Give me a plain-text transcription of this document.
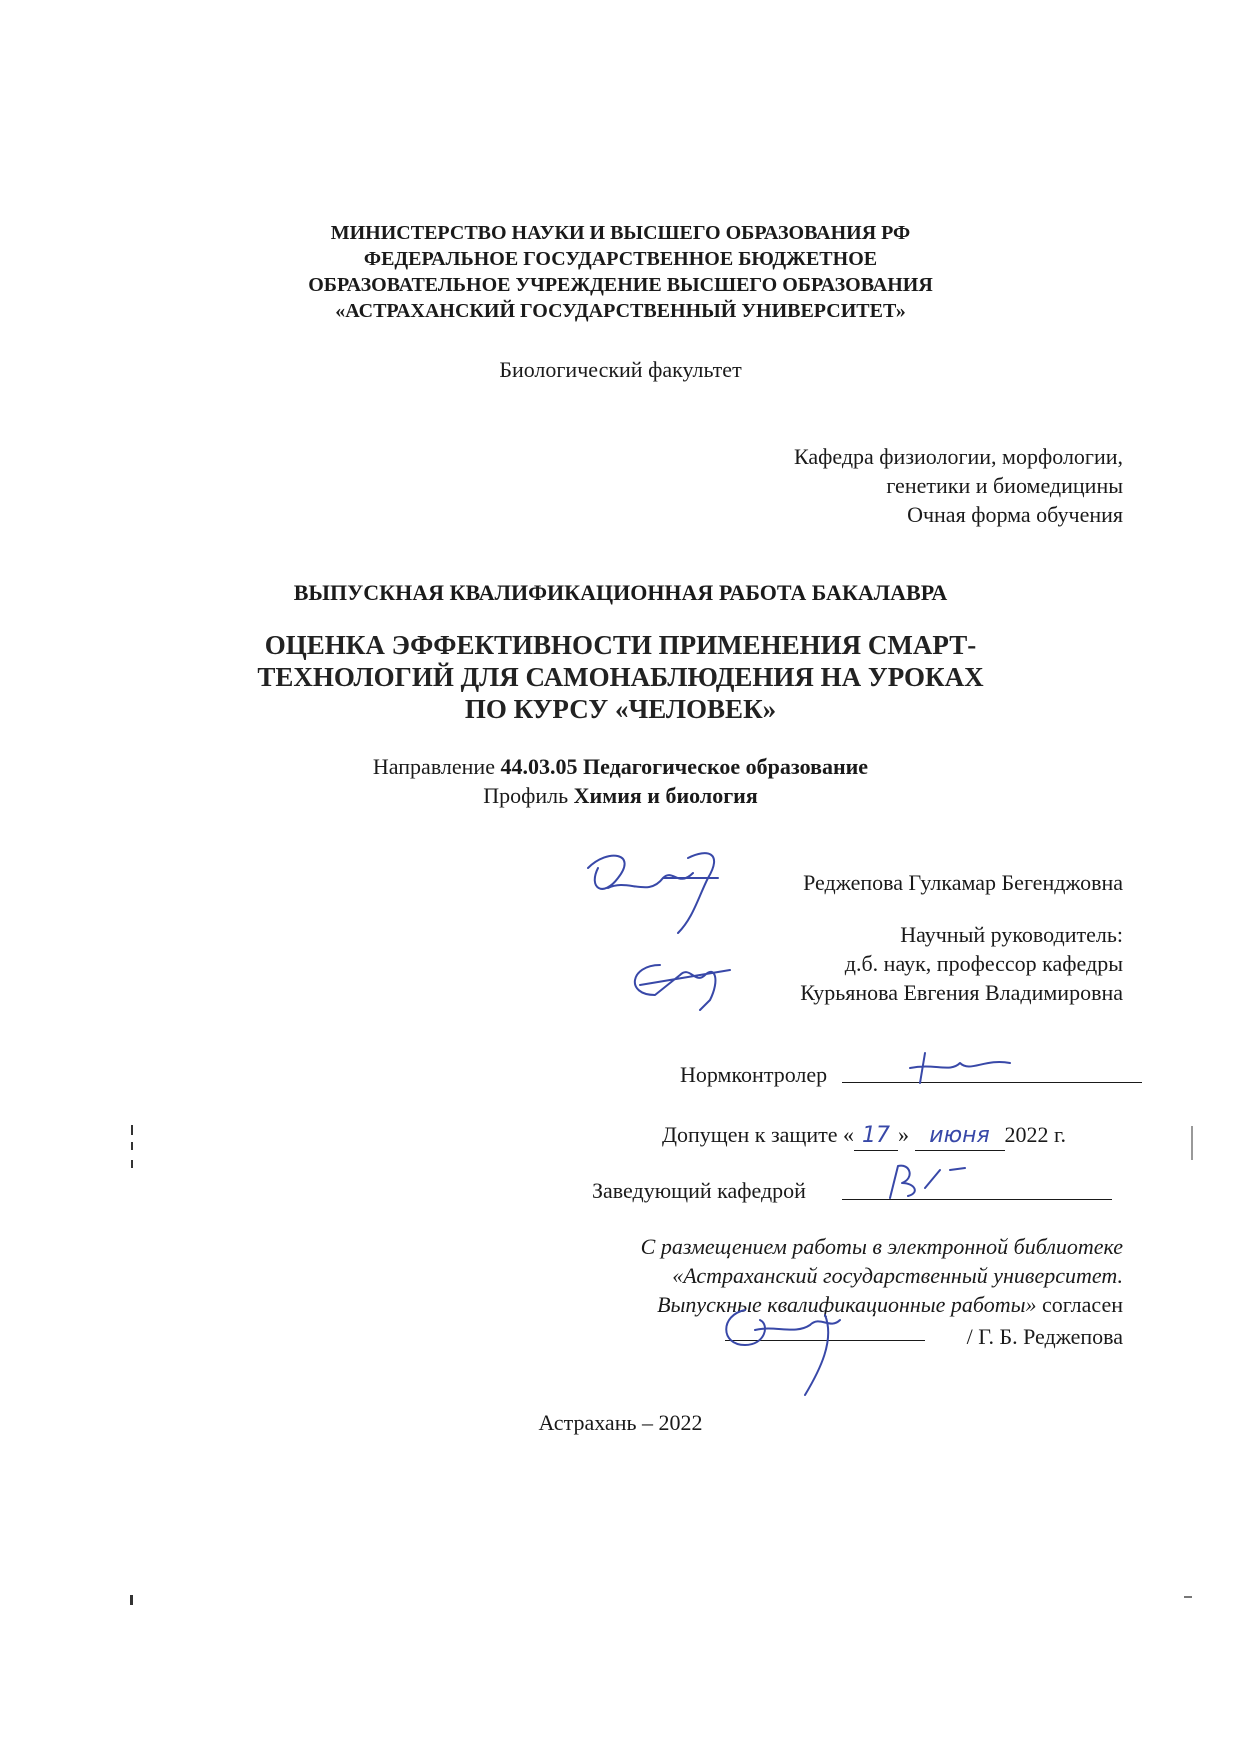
МИНИСТЕРСТВО НАУКИ И ВЫСШЕГО ОБРАЗОВАНИЯ РФ
ФЕДЕРАЛЬНОЕ ГОСУДАРСТВЕННОЕ БЮДЖЕТНОЕ
ОБРАЗОВАТЕЛЬНОЕ УЧРЕЖДЕНИЕ ВЫСШЕГО ОБРАЗОВАНИЯ
«АСТРАХАНСКИЙ ГОСУДАРСТВЕННЫЙ УНИВЕРСИТЕТ»
Биологический факультет
Кафедра физиологии, морфологии,
генетики и биомедицины
Очная форма обучения
ВЫПУСКНАЯ КВАЛИФИКАЦИОННАЯ РАБОТА БАКАЛАВРА
ОЦЕНКА ЭФФЕКТИВНОСТИ ПРИМЕНЕНИЯ СМАРТ-
ТЕХНОЛОГИЙ ДЛЯ САМОНАБЛЮДЕНИЯ НА УРОКАХ
ПО КУРСУ «ЧЕЛОВЕК»
Направление 44.03.05 Педагогическое образование
Профиль Химия и биология
Реджепова Гулкамар Бегенджовна
Научный руководитель:
д.б. наук, профессор кафедры
Курьянова Евгения Владимировна
Нормконтролер
Допущен к защите « 17 » июня 2022 г.
Заведующий кафедрой
С размещением работы в электронной библиотеке
«Астраханский государственный университет.
Выпускные квалификационные работы» согласен
/ Г. Б. Реджепова
Астрахань – 2022
